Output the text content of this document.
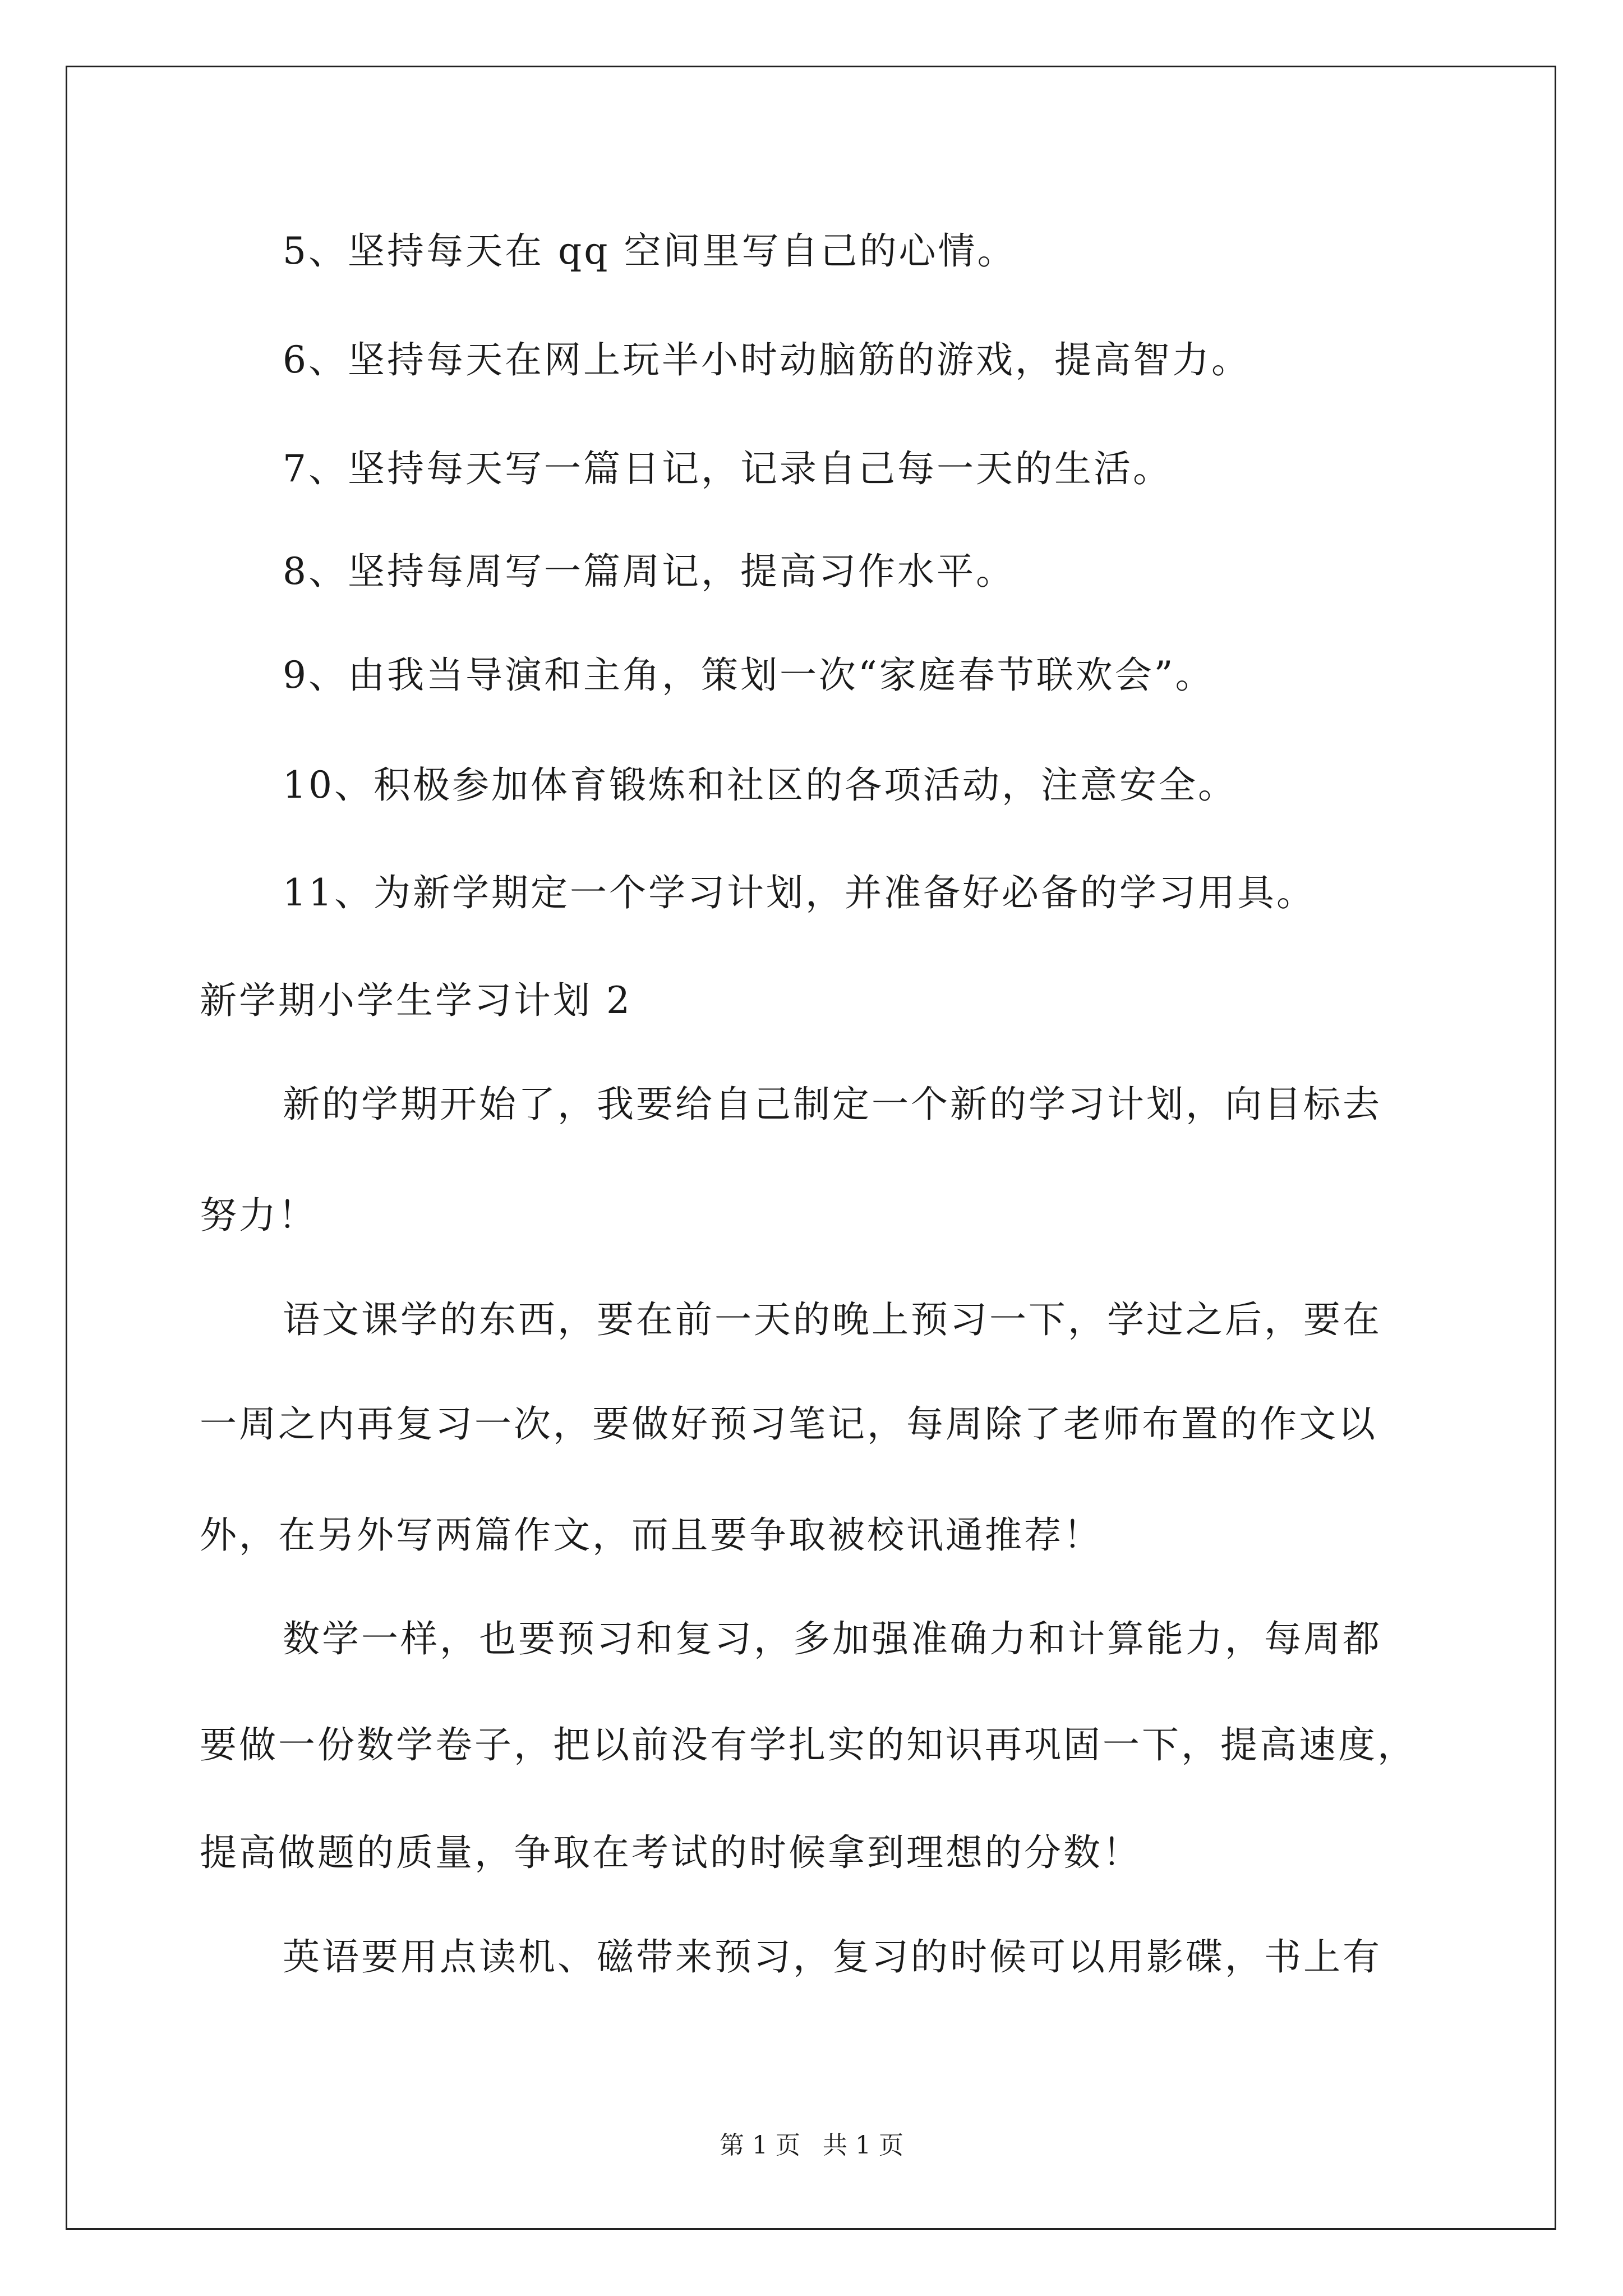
5、坚持每天在 qq 空间里写自己的心情。
6、坚持每天在网上玩半小时动脑筋的游戏，提高智力。
7、坚持每天写一篇日记，记录自己每一天的生活。
8、坚持每周写一篇周记，提高习作水平。
9、由我当导演和主角，策划一次“家庭春节联欢会”。
10、积极参加体育锻炼和社区的各项活动，注意安全。
11、为新学期定一个学习计划，并准备好必备的学习用具。
新学期小学生学习计划 2
新的学期开始了，我要给自己制定一个新的学习计划，向目标去
努力！
语文课学的东西，要在前一天的晚上预习一下，学过之后，要在
一周之内再复习一次，要做好预习笔记，每周除了老师布置的作文以
外，在另外写两篇作文，而且要争取被校讯通推荐！
数学一样，也要预习和复习，多加强准确力和计算能力，每周都
要做一份数学卷子，把以前没有学扎实的知识再巩固一下，提高速度，
提高做题的质量，争取在考试的时候拿到理想的分数！
英语要用点读机、磁带来预习，复习的时候可以用影碟，书上有
第 1 页 共 1 页
